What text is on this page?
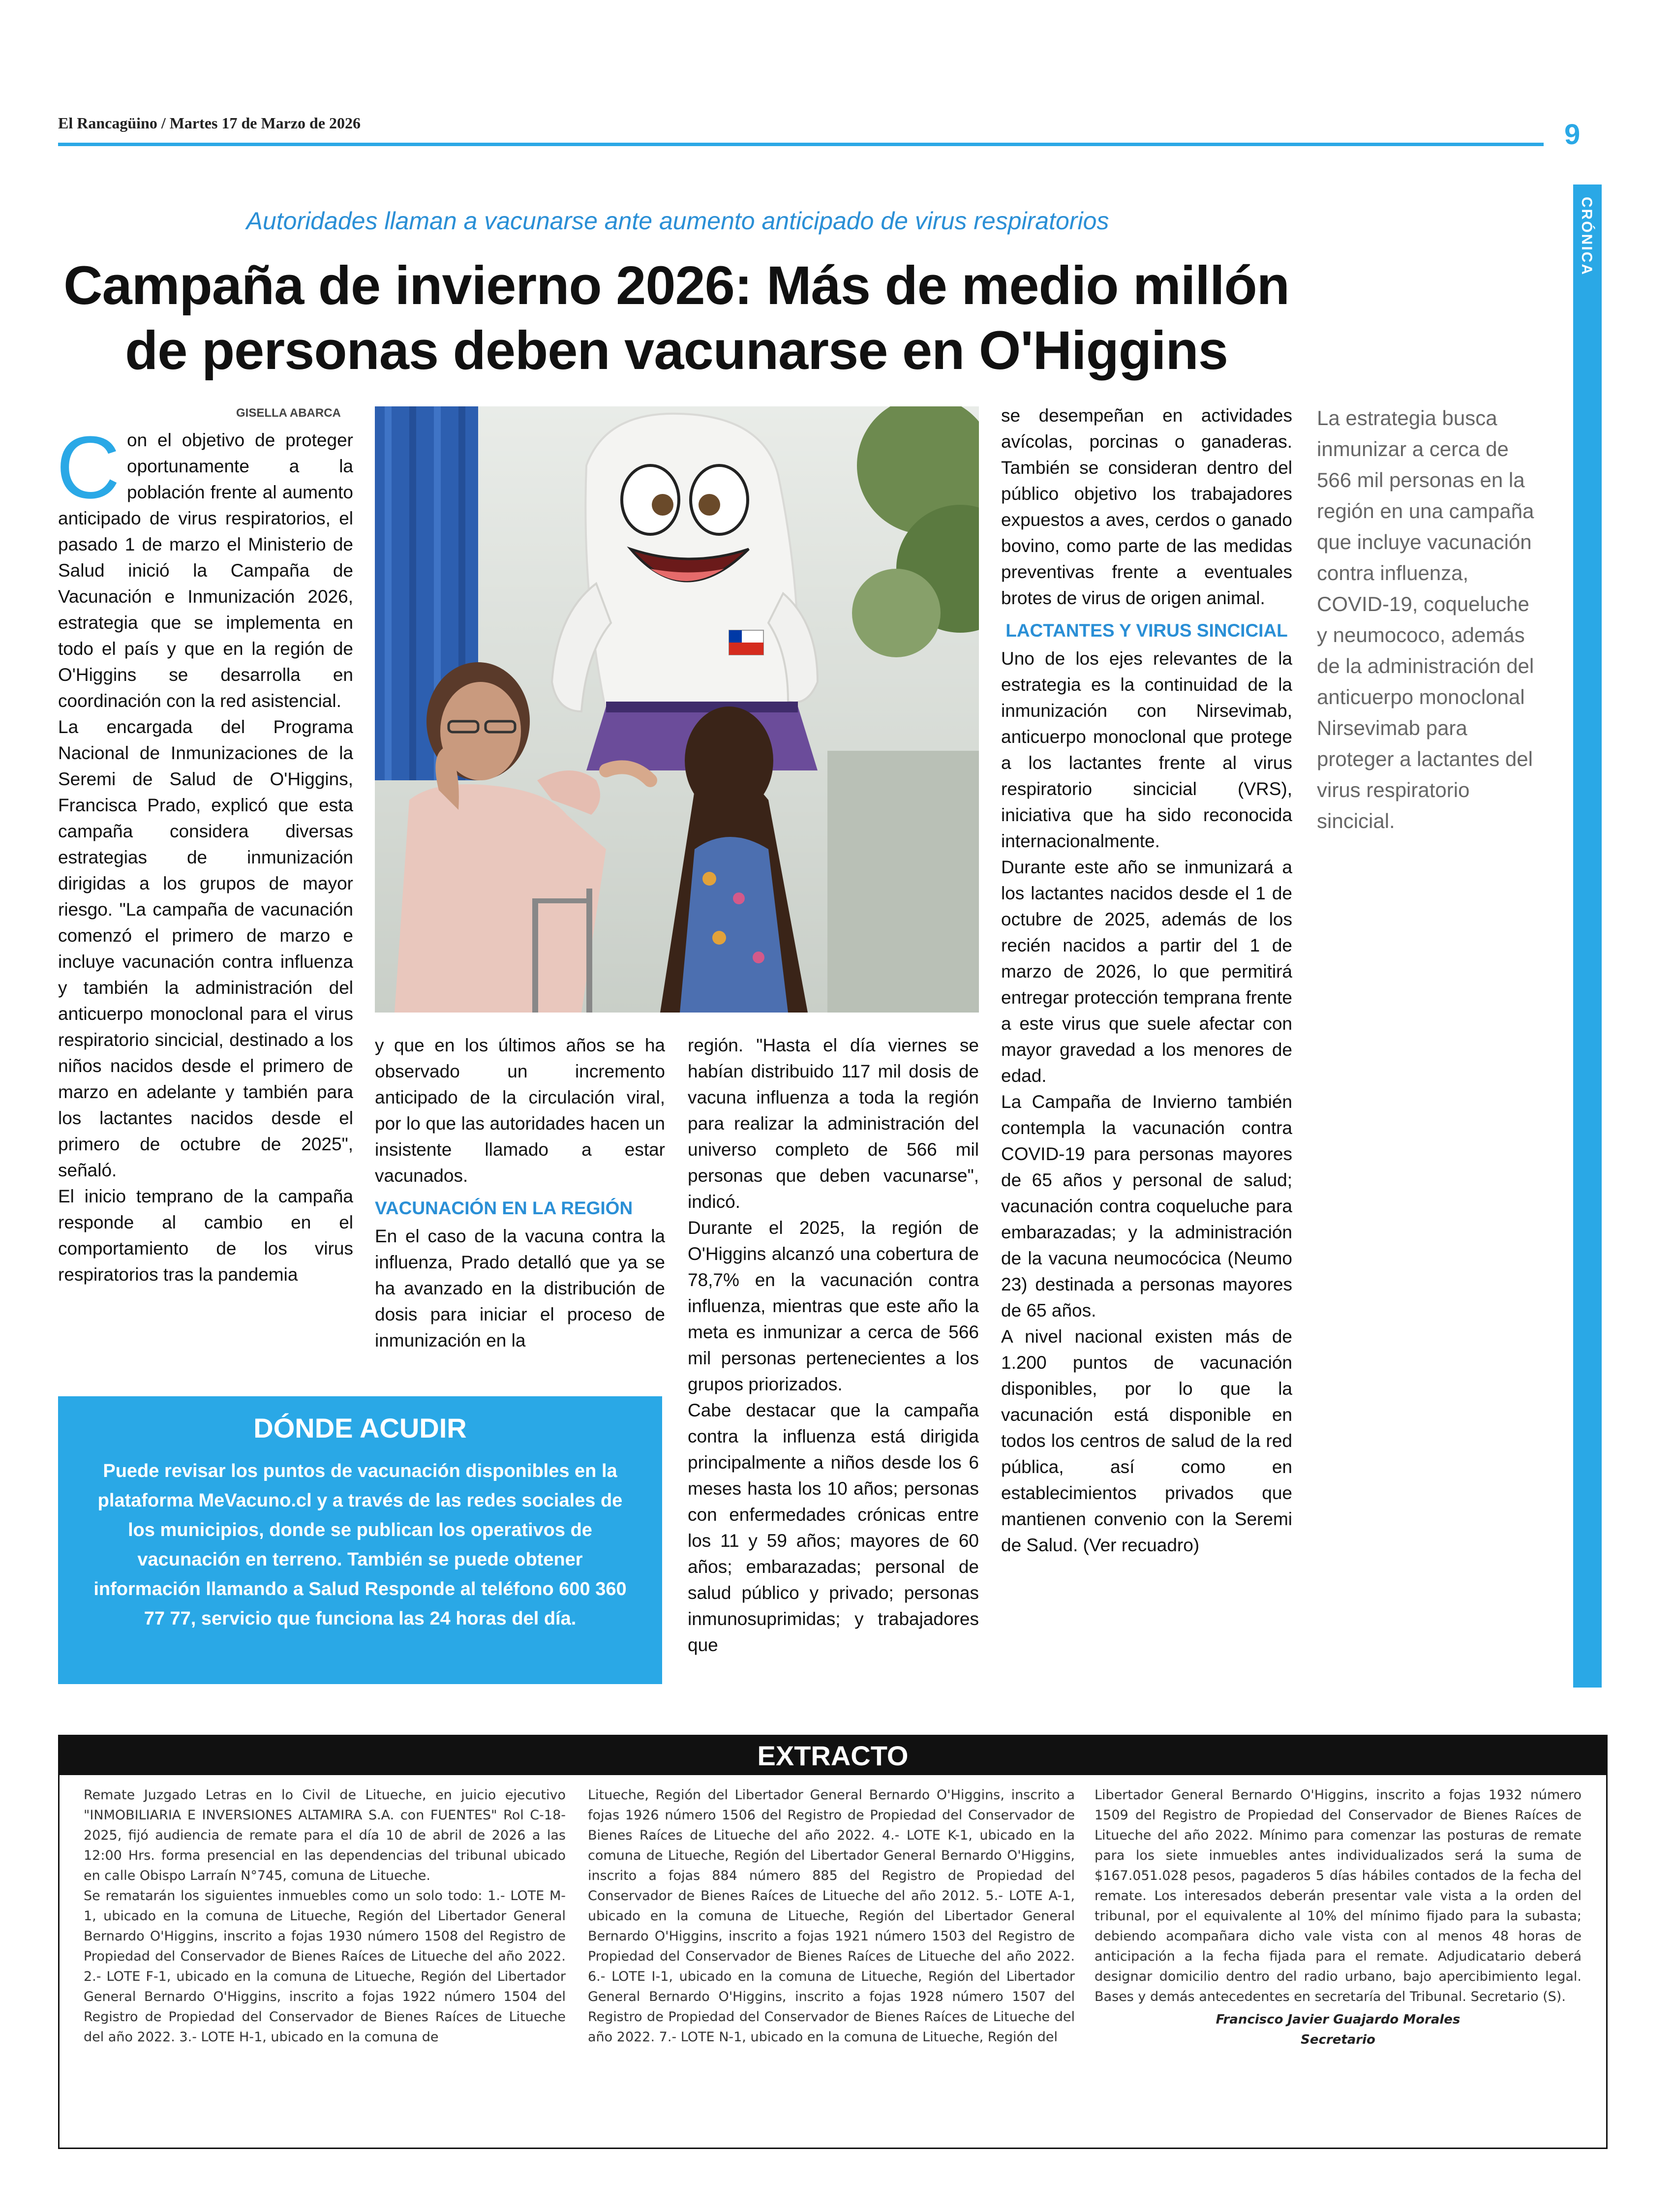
El Rancagüino / Martes 17 de Marzo de 2026	9
CRÓNICA
Autoridades llaman a vacunarse ante aumento anticipado de virus respiratorios
Campaña de invierno 2026: Más de medio millón de personas deben vacunarse en O'Higgins
GISELLA ABARCA
C on el objetivo de proteger oportunamente a la población frente al aumento anticipado de virus respiratorios, el pasado 1 de marzo el Ministerio de Salud inició la Campaña de Vacunación e Inmunización 2026, estrategia que se implementa en todo el país y que en la región de O'Higgins se desarrolla en coordinación con la red asistencial.

La encargada del Programa Nacional de Inmunizaciones de la Seremi de Salud de O'Higgins, Francisca Prado, explicó que esta campaña considera diversas estrategias de inmunización dirigidas a los grupos de mayor riesgo. "La campaña de vacunación comenzó el primero de marzo e incluye vacunación contra influenza y también la administración del anticuerpo monoclonal para el virus respiratorio sincicial, destinado a los niños nacidos desde el primero de marzo en adelante y también para los lactantes nacidos desde el primero de octubre de 2025", señaló.

El inicio temprano de la campaña responde al cambio en el comportamiento de los virus respiratorios tras la pandemia

y que en los últimos años se ha observado un incremento anticipado de la circulación viral, por lo que las autoridades hacen un insistente llamado a estar vacunados.

VACUNACIÓN EN LA REGIÓN

En el caso de la vacuna contra la influenza, Prado detalló que ya se ha avanzado en la distribución de dosis para iniciar el proceso de inmunización en la

región. "Hasta el día viernes se habían distribuido 117 mil dosis de vacuna influenza a toda la región para realizar la administración del universo completo de 566 mil personas que deben vacunarse", indicó.

Durante el 2025, la región de O'Higgins alcanzó una cobertura de 78,7% en la vacunación contra influenza, mientras que este año la meta es inmunizar a cerca de 566 mil personas pertenecientes a los grupos priorizados.

Cabe destacar que la campaña contra la influenza está dirigida principalmente a niños desde los 6 meses hasta los 10 años; personas con enfermedades crónicas entre los 11 y 59 años; mayores de 60 años; embarazadas; personal de salud público y privado; personas inmunosuprimidas; y trabajadores que

se desempeñan en actividades avícolas, porcinas o ganaderas. También se consideran dentro del público objetivo los trabajadores expuestos a aves, cerdos o ganado bovino, como parte de las medidas preventivas frente a eventuales brotes de virus de origen animal.

LACTANTES Y VIRUS SINCICIAL

Uno de los ejes relevantes de la estrategia es la continuidad de la inmunización con Nirsevimab, anticuerpo monoclonal que protege a los lactantes frente al virus respiratorio sincicial (VRS), iniciativa que ha sido reconocida internacionalmente.

Durante este año se inmunizará a los lactantes nacidos desde el 1 de octubre de 2025, además de los recién nacidos a partir del 1 de marzo de 2026, lo que permitirá entregar protección temprana frente a este virus que suele afectar con mayor gravedad a los menores de edad.

La Campaña de Invierno también contempla la vacunación contra COVID-19 para personas mayores de 65 años y personal de salud; vacunación contra coqueluche para embarazadas; y la administración de la vacuna neumocócica (Neumo 23) destinada a personas mayores de 65 años.

A nivel nacional existen más de 1.200 puntos de vacunación disponibles, por lo que la vacunación está disponible en todos los centros de salud de la red pública, así como en establecimientos privados que mantienen convenio con la Seremi de Salud. (Ver recuadro)

La estrategia busca inmunizar a cerca de 566 mil personas en la región en una campaña que incluye vacunación contra influenza, COVID-19, coqueluche y neumococo, además de la administración del anticuerpo monoclonal Nirsevimab para proteger a lactantes del virus respiratorio sincicial.
DÓNDE ACUDIR
Puede revisar los puntos de vacunación disponibles en la plataforma MeVacuno.cl y a través de las redes sociales de los municipios, donde se publican los operativos de vacunación en terreno. También se puede obtener información llamando a Salud Responde al teléfono 600 360 77 77, servicio que funciona las 24 horas del día.
EXTRACTO

Remate Juzgado Letras en lo Civil de Litueche, en juicio ejecutivo "INMOBILIARIA E INVERSIONES ALTAMIRA S.A. con FUENTES" Rol C-18-2025, fijó audiencia de remate para el día 10 de abril de 2026 a las 12:00 Hrs. forma presencial en las dependencias del tribunal ubicado en calle Obispo Larraín N°745, comuna de Litueche.

Se rematarán los siguientes inmuebles como un solo todo: 1.- LOTE M-1, ubicado en la comuna de Litueche, Región del Libertador General Bernardo O'Higgins, inscrito a fojas 1930 número 1508 del Registro de Propiedad del Conservador de Bienes Raíces de Litueche del año 2022. 2.- LOTE F-1, ubicado en la comuna de Litueche, Región del Libertador General Bernardo O'Higgins, inscrito a fojas 1922 número 1504 del Registro de Propiedad del Conservador de Bienes Raíces de Litueche del año 2022. 3.- LOTE H-1, ubicado en la comuna de

Litueche, Región del Libertador General Bernardo O'Higgins, inscrito a fojas 1926 número 1506 del Registro de Propiedad del Conservador de Bienes Raíces de Litueche del año 2022. 4.- LOTE K-1, ubicado en la comuna de Litueche, Región del Libertador General Bernardo O'Higgins, inscrito a fojas 884 número 885 del Registro de Propiedad del Conservador de Bienes Raíces de Litueche del año 2012. 5.- LOTE A-1, ubicado en la comuna de Litueche, Región del Libertador General Bernardo O'Higgins, inscrito a fojas 1921 número 1503 del Registro de Propiedad del Conservador de Bienes Raíces de Litueche del año 2022. 6.- LOTE I-1, ubicado en la comuna de Litueche, Región del Libertador General Bernardo O'Higgins, inscrito a fojas 1928 número 1507 del Registro de Propiedad del Conservador de Bienes Raíces de Litueche del año 2022. 7.- LOTE N-1, ubicado en la comuna de Litueche, Región del

Libertador General Bernardo O'Higgins, inscrito a fojas 1932 número 1509 del Registro de Propiedad del Conservador de Bienes Raíces de Litueche del año 2022. Mínimo para comenzar las posturas de remate para los siete inmuebles antes individualizados será la suma de $167.051.028 pesos, pagaderos 5 días hábiles contados de la fecha del remate. Los interesados deberán presentar vale vista a la orden del tribunal, por el equivalente al 10% del mínimo fijado para la subasta; debiendo acompañara dicho vale vista con al menos 48 horas de anticipación a la fecha fijada para el remate. Adjudicatario deberá designar domicilio dentro del radio urbano, bajo apercibimiento legal. Bases y demás antecedentes en secretaría del Tribunal. Secretario (S).

Francisco Javier Guajardo Morales
Secretario
